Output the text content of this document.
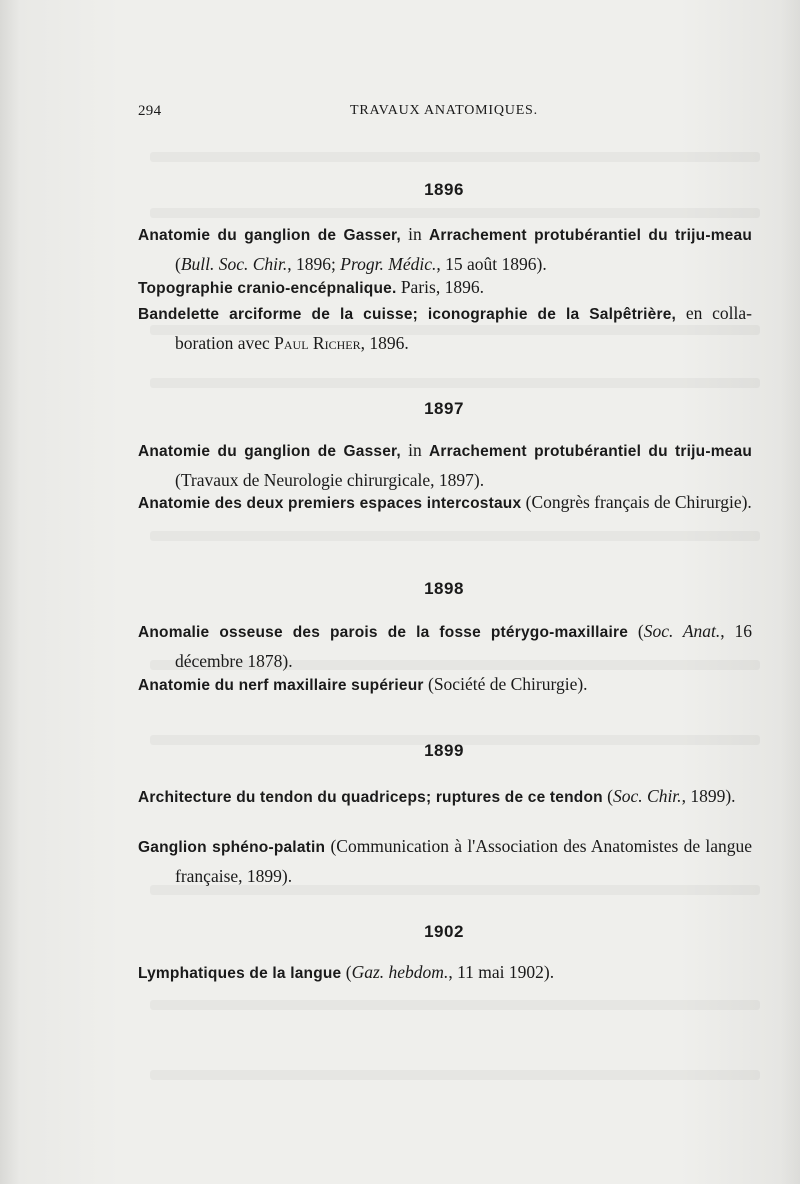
294	TRAVAUX ANATOMIQUES.
1896
Anatomie du ganglion de Gasser, in Arrachement protubérantiel du triju-meau (Bull. Soc. Chir., 1896; Progr. Médic., 15 août 1896).
Topographie cranio-encépnalique. Paris, 1896.
Bandelette arciforme de la cuisse; iconographie de la Salpêtrière, en colla-boration avec Paul Richer, 1896.
1897
Anatomie du ganglion de Gasser, in Arrachement protubérantiel du triju-meau (Travaux de Neurologie chirurgicale, 1897).
Anatomie des deux premiers espaces intercostaux (Congrès français de Chirurgie).
1898
Anomalie osseuse des parois de la fosse ptérygo-maxillaire (Soc. Anat., 16 décembre 1878).
Anatomie du nerf maxillaire supérieur (Société de Chirurgie).
1899
Architecture du tendon du quadriceps; ruptures de ce tendon (Soc. Chir., 1899).
Ganglion sphéno-palatin (Communication à l'Association des Anatomistes de langue française, 1899).
1902
Lymphatiques de la langue (Gaz. hebdom., 11 mai 1902).
